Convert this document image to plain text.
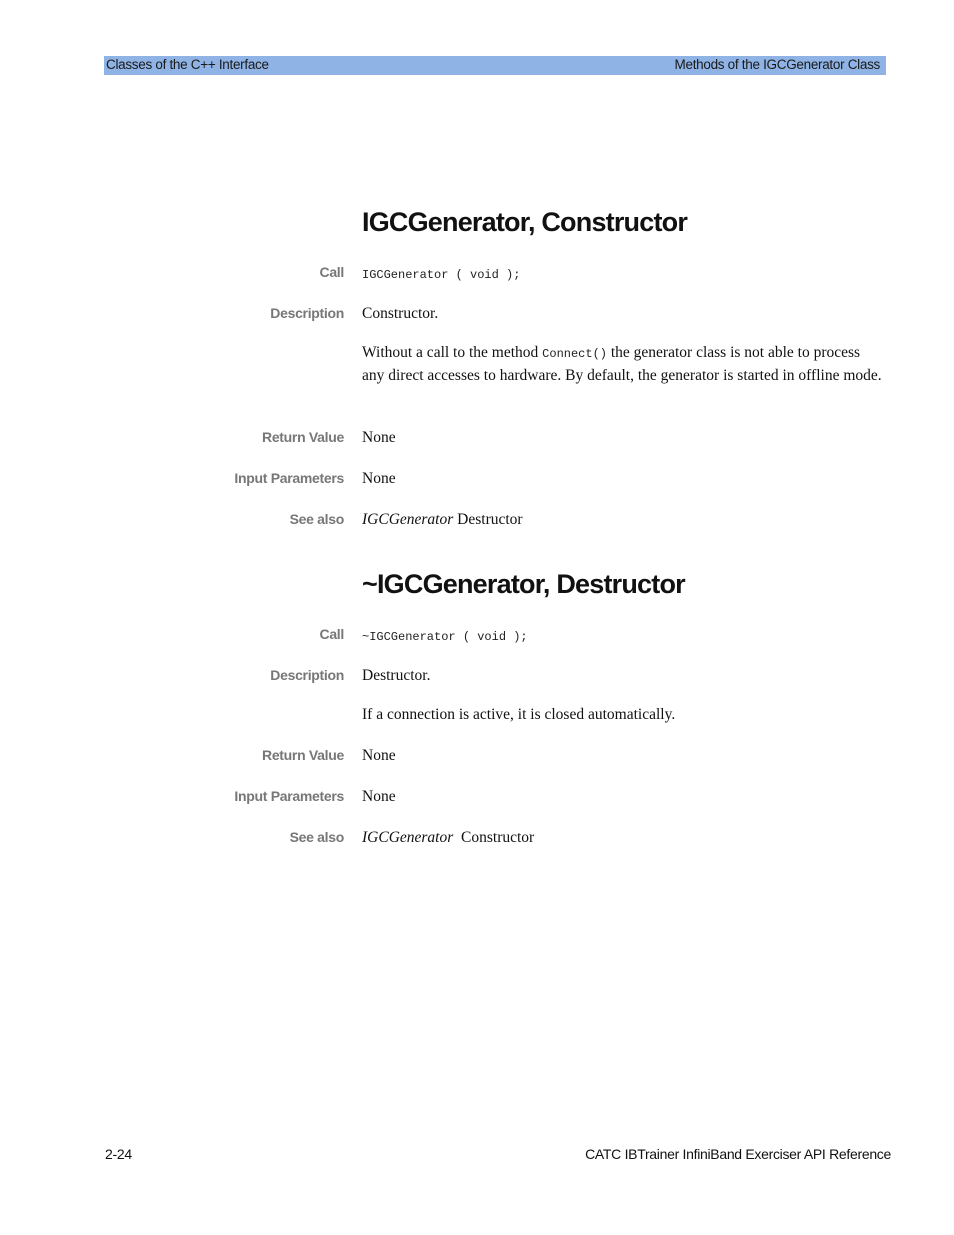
Classes of the C++ Interface	Methods of the IGCGenerator Class
IGCGenerator, Constructor
Call IGCGenerator ( void );
Description Constructor.
Without a call to the method Connect() the generator class is not able to process any direct accesses to hardware. By default, the generator is started in offline mode.
Return Value None
Input Parameters None
See also IGCGenerator Destructor
~IGCGenerator, Destructor
Call ~IGCGenerator ( void );
Description Destructor.
If a connection is active, it is closed automatically.
Return Value None
Input Parameters None
See also IGCGenerator  Constructor
2-24	CATC IBTrainer InfiniBand Exerciser API Reference
